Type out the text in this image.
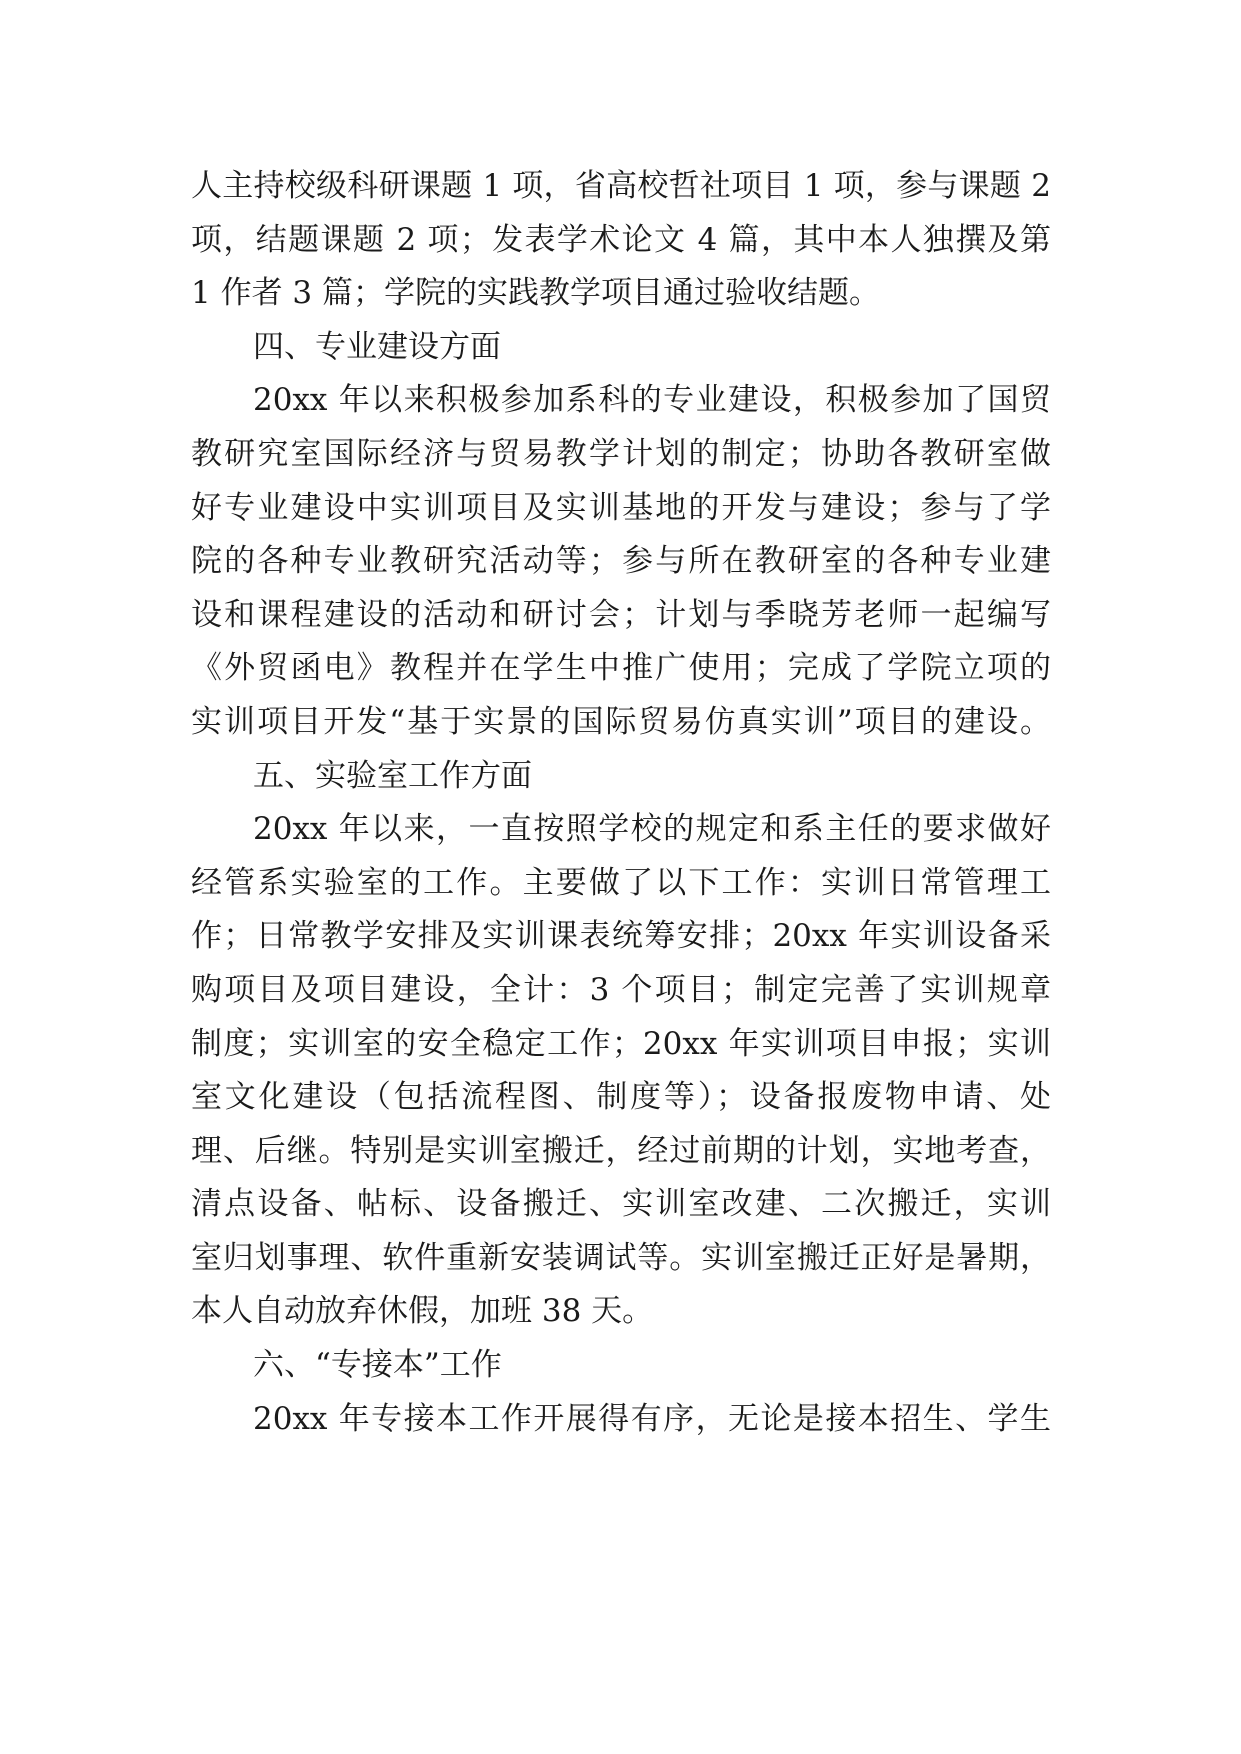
人主持校级科研课题 1 项，省高校哲社项目 1 项，参与课题 2
项，结题课题 2 项；发表学术论文 4 篇，其中本人独撰及第
1 作者 3 篇；学院的实践教学项目通过验收结题。
四、专业建设方面
20xx 年以来积极参加系科的专业建设，积极参加了国贸
教研究室国际经济与贸易教学计划的制定；协助各教研室做
好专业建设中实训项目及实训基地的开发与建设；参与了学
院的各种专业教研究活动等；参与所在教研室的各种专业建
设和课程建设的活动和研讨会；计划与季晓芳老师一起编写
《外贸函电》教程并在学生中推广使用；完成了学院立项的
实训项目开发“基于实景的国际贸易仿真实训”项目的建设。
五、实验室工作方面
20xx 年以来，一直按照学校的规定和系主任的要求做好
经管系实验室的工作。主要做了以下工作：实训日常管理工
作；日常教学安排及实训课表统筹安排；20xx 年实训设备采
购项目及项目建设，全计：3 个项目；制定完善了实训规章
制度；实训室的安全稳定工作；20xx 年实训项目申报；实训
室文化建设（包括流程图、制度等）；设备报废物申请、处
理、后继。特别是实训室搬迁，经过前期的计划，实地考查，
清点设备、帖标、设备搬迁、实训室改建、二次搬迁，实训
室归划事理、软件重新安装调试等。实训室搬迁正好是暑期，
本人自动放弃休假，加班 38 天。
六、“专接本”工作
20xx 年专接本工作开展得有序，无论是接本招生、学生
